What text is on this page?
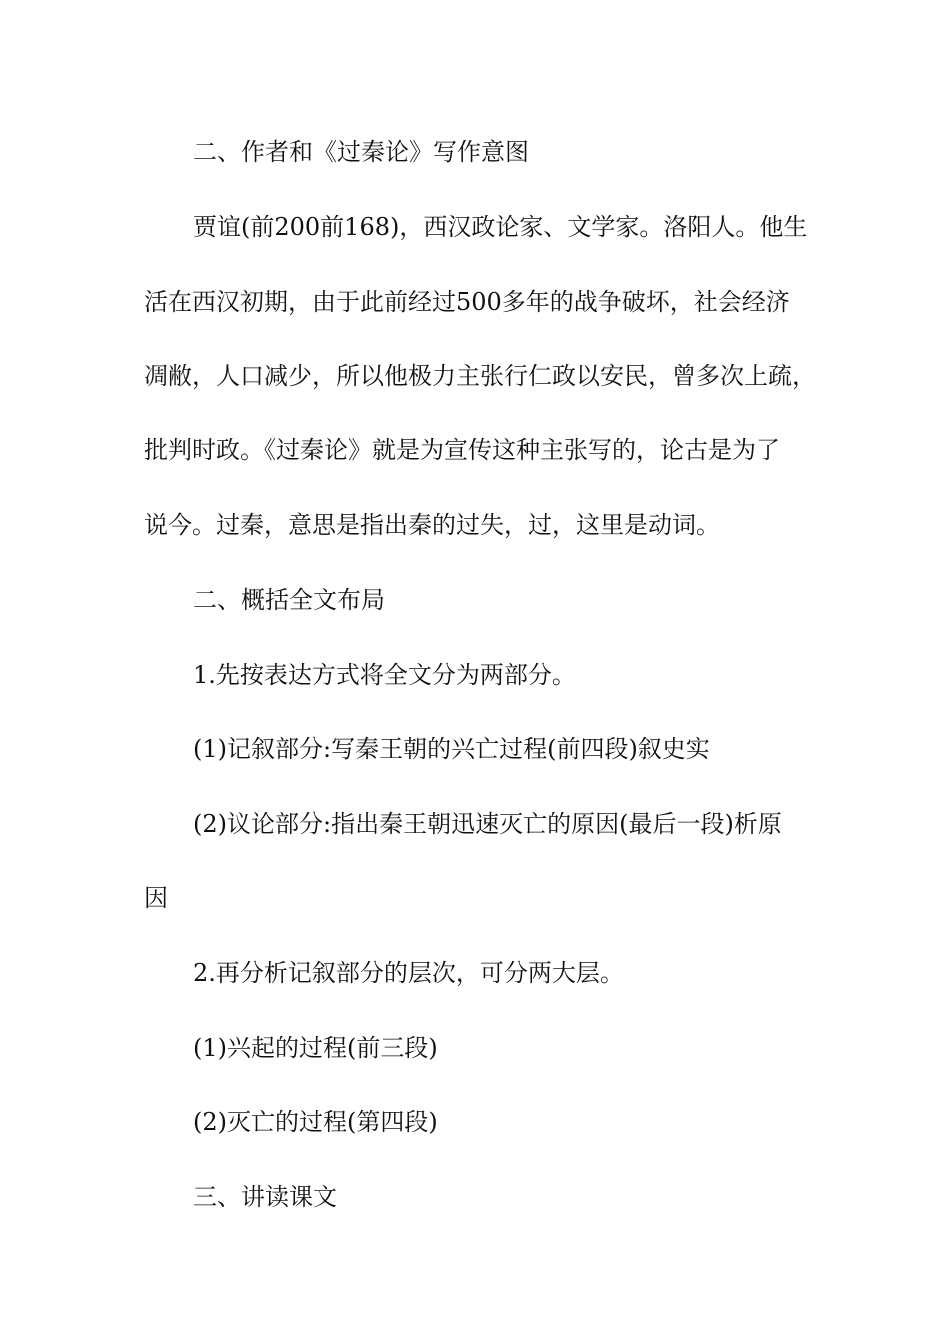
二、作者和《过秦论》写作意图
贾谊(前200前168)，西汉政论家、文学家。洛阳人。他生
活在西汉初期，由于此前经过500多年的战争破坏，社会经济
凋敝，人口减少，所以他极力主张行仁政以安民，曾多次上疏，
批判时政。《过秦论》就是为宣传这种主张写的，论古是为了
说今。过秦，意思是指出秦的过失，过，这里是动词。
二、概括全文布局
1.先按表达方式将全文分为两部分。
(1)记叙部分:写秦王朝的兴亡过程(前四段)叙史实
(2)议论部分:指出秦王朝迅速灭亡的原因(最后一段)析原
因
2.再分析记叙部分的层次，可分两大层。
(1)兴起的过程(前三段)
(2)灭亡的过程(第四段)
三、讲读课文
